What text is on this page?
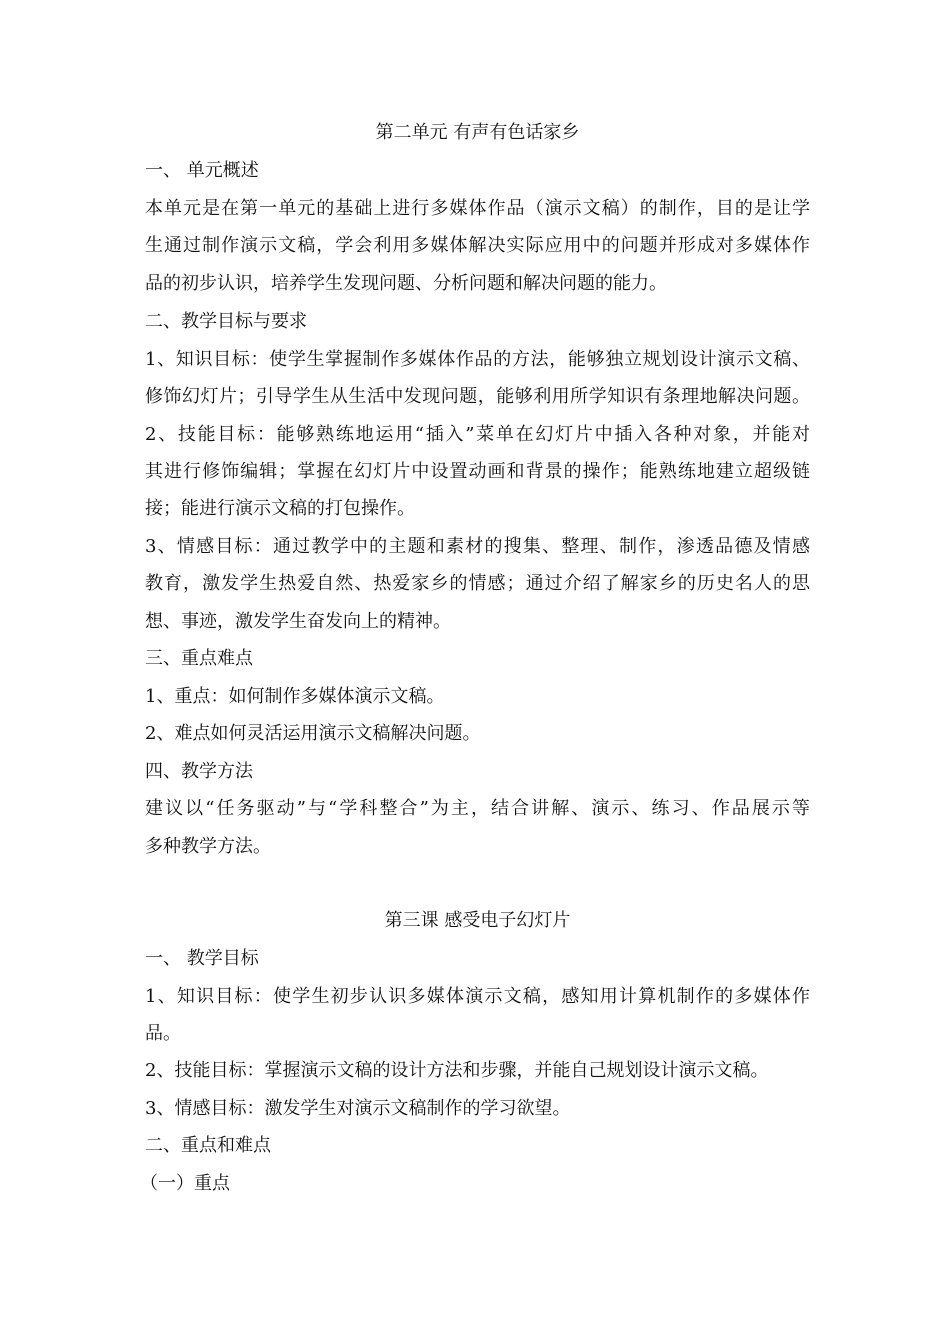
第二单元 有声有色话家乡
一、 单元概述
本单元是在第一单元的基础上进行多媒体作品（演示文稿）的制作，目的是让学
生通过制作演示文稿，学会利用多媒体解决实际应用中的问题并形成对多媒体作
品的初步认识，培养学生发现问题、分析问题和解决问题的能力。
二、教学目标与要求
1、知识目标：使学生掌握制作多媒体作品的方法，能够独立规划设计演示文稿、
修饰幻灯片；引导学生从生活中发现问题，能够利用所学知识有条理地解决问题。
2、技能目标：能够熟练地运用“插入”菜单在幻灯片中插入各种对象，并能对
其进行修饰编辑；掌握在幻灯片中设置动画和背景的操作；能熟练地建立超级链
接；能进行演示文稿的打包操作。
3、情感目标：通过教学中的主题和素材的搜集、整理、制作，渗透品德及情感
教育，激发学生热爱自然、热爱家乡的情感；通过介绍了解家乡的历史名人的思
想、事迹，激发学生奋发向上的精神。
三、重点难点
1、重点：如何制作多媒体演示文稿。
2、难点如何灵活运用演示文稿解决问题。
四、教学方法
建议以“任务驱动”与“学科整合”为主，结合讲解、演示、练习、作品展示等
多种教学方法。
第三课 感受电子幻灯片
一、 教学目标
1、知识目标：使学生初步认识多媒体演示文稿，感知用计算机制作的多媒体作
品。
2、技能目标：掌握演示文稿的设计方法和步骤，并能自己规划设计演示文稿。
3、情感目标：激发学生对演示文稿制作的学习欲望。
二、重点和难点
（一）重点
